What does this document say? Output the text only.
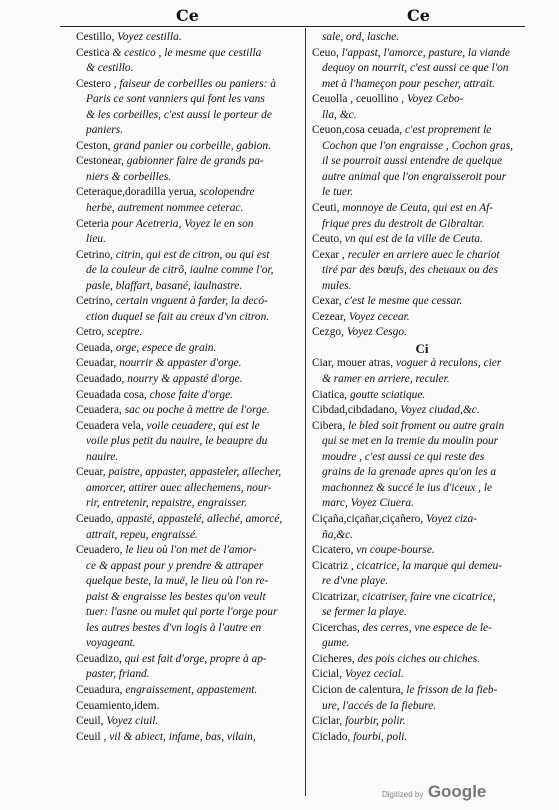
Ce	Ce
Cestillo, Voyez cestilla.
Cestica & cestico , le mesme que cestilla
& cestillo.
Cestero , faiseur de corbeilles ou paniers: à
Paris ce sont vanniers qui font les vans
& les corbeilles, c'est aussi le porteur de
paniers.
Ceston, grand panier ou corbeille, gabion.
Cestonear, gabionner faire de grands pa-
niers & corbeilles.
Ceteraque,doradilla yerua, scolopendre
herbe, autrement nommee ceterac.
Ceteria pour Acetreria, Voyez le en son
lieu.
Cetrino, citrin, qui est de citron, ou qui est
de la couleur de citrõ, iaulne comme l'or,
pasle, blaffart, basané, iaulnastre.
Cetrino, certain vnguent à farder, la decó-
ction duquel se fait au creux d'vn citron.
Cetro, sceptre.
Ceuada, orge, espece de grain.
Ceuadar, nourrir & appaster d'orge.
Ceuadado, nourry & appasté d'orge.
Ceuadada cosa, chose faite d'orge.
Ceuadera, sac ou poche à mettre de l'orge.
Ceuadera vela, voile ceuadere, qui est le
voile plus petit du nauire, le beaupre du
nauire.
Ceuar, paistre, appaster, appasteler, allecher,
amorcer, attirer auec allechemens, nour-
rir, entretenir, repaistre, engraisser.
Ceuado, appasté, appastelé, alleché, amorcé,
attrait, repeu, engraissé.
Ceuadero, le lieu où l'on met de l'amor-
ce & appast pour y prendre & attraper
quelque beste, la muë, le lieu où l'on re-
paist & engraisse les bestes qu'on veult
tuer: l'asne ou mulet qui porte l'orge pour
les autres bestes d'vn logis à l'autre en
voyageant.
Ceuadizo, qui est fait d'orge, propre à ap-
paster, friand.
Ceuadura, engraissement, appastement.
Ceuamiento,idem.
Ceuil, Voyez ciuil.
Ceuil , vil & abiect, infame, bas, vilain,
sale, ord, lasche.
Ceuo, l'appast, l'amorce, pasture, la viande
dequoy on nourrit, c'est aussi ce que l'on
met à l'hameçon pour pescher, attrait.
Ceuolla , ceuollino , Voyez Cebo-
lla, &c.
Ceuon,cosa ceuada, c'est proprement le
Cochon que l'on engraisse , Cochon gras,
il se pourroit aussi entendre de quelque
autre animal que l'on engraisseroit pour
le tuer.
Ceuti, monnoye de Ceuta, qui est en Af-
frique pres du destroit de Gibraltar.
Ceuto, vn qui est de la ville de Ceuta.
Cexar , reculer en arriere auec le chariot
tiré par des bœufs, des cheuaux ou des
mules.
Cexar, c'est le mesme que cessar.
Cezear, Voyez cecear.
Cezgo, Voyez Cesgo.
Ci
Ciar, mouer atras, voguer à reculons, cier
& ramer en arriere, reculer.
Ciatica, goutte sciatique.
Cibdad,cibdadano, Voyez ciudad,&c.
Cibera, le bled soit froment ou autre grain
qui se met en la tremie du moulin pour
moudre , c'est aussi ce qui reste des
grains de la grenade apres qu'on les a
machonnez & succé le ius d'iceux , le
marc, Voyez Ciuera.
Ciçaña,ciçañar,ciçañero, Voyez ciza-
ña,&c.
Cicatero, vn coupe-bourse.
Cicatriz , cicatrice, la marque qui demeu-
re d'vne playe.
Cicatrizar, cicatriser, faire vne cicatrice,
se fermer la playe.
Cicerchas, des cerres, vne espece de le-
gume.
Cicheres, des pois ciches ou chiches.
Cicial, Voyez cecial.
Cicion de calentura, le frisson de la fieb-
ure, l'accés de la fiebure.
Ciclar, fourbir, polir.
Ciclado, fourbi, poli.
Digitized by Google
